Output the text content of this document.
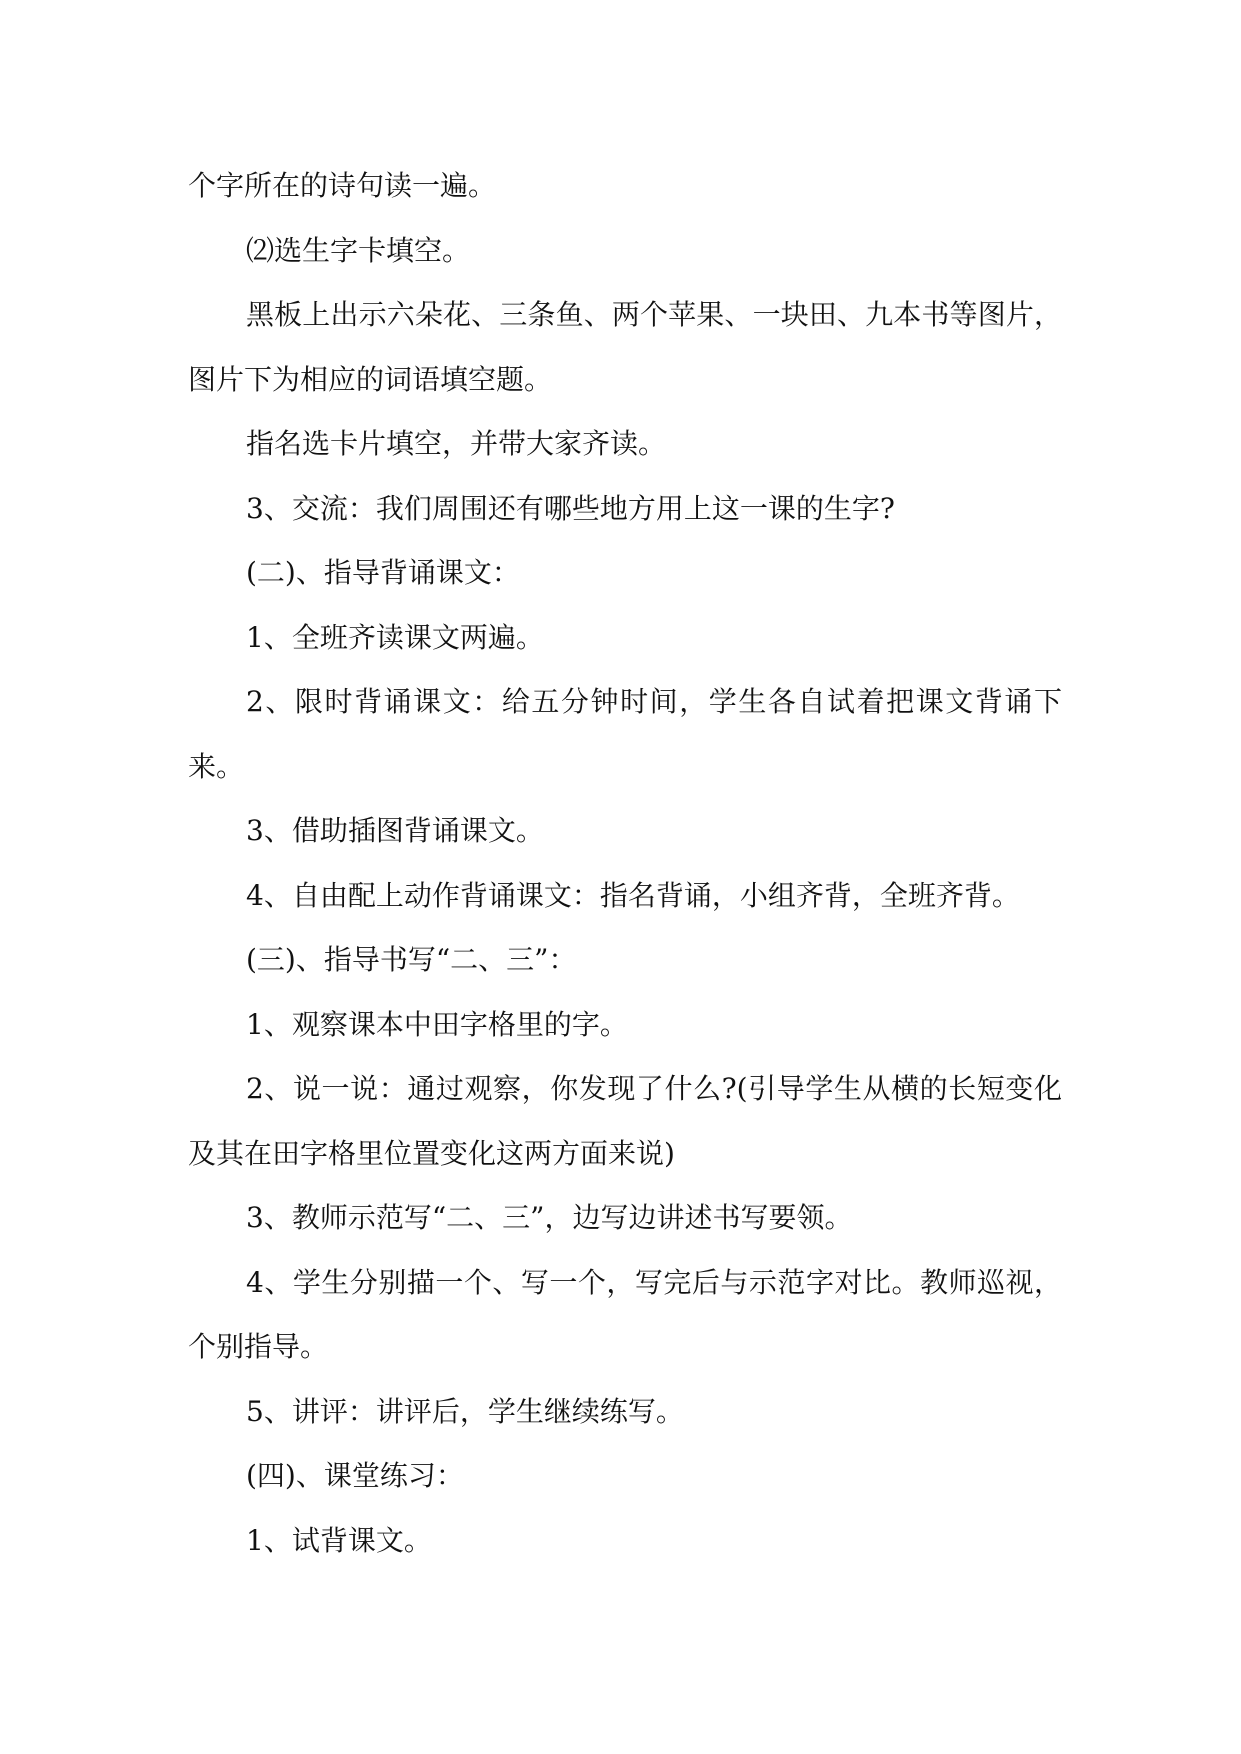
个字所在的诗句读一遍。

⑵选生字卡填空。

黑板上出示六朵花、三条鱼、两个苹果、一块田、九本书等图片，图片下为相应的词语填空题。

指名选卡片填空，并带大家齐读。

3、交流：我们周围还有哪些地方用上这一课的生字?

(二)、指导背诵课文：

1、全班齐读课文两遍。

2、限时背诵课文：给五分钟时间，学生各自试着把课文背诵下来。

3、借助插图背诵课文。

4、自由配上动作背诵课文：指名背诵，小组齐背，全班齐背。

(三)、指导书写“二、三”：

1、观察课本中田字格里的字。

2、说一说：通过观察，你发现了什么?(引导学生从横的长短变化及其在田字格里位置变化这两方面来说)

3、教师示范写“二、三”，边写边讲述书写要领。

4、学生分别描一个、写一个，写完后与示范字对比。教师巡视，个别指导。

5、讲评：讲评后，学生继续练写。

(四)、课堂练习：

1、试背课文。
